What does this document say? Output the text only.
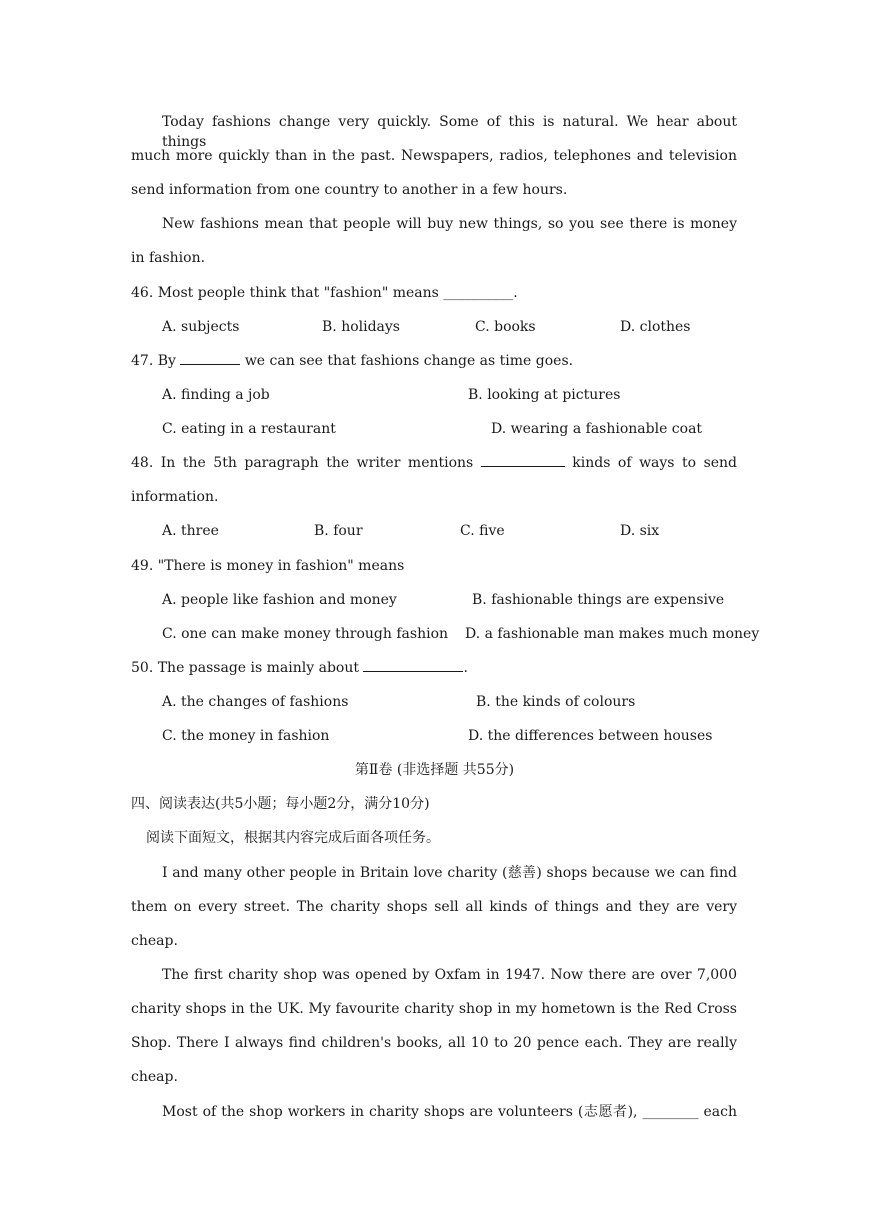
Today fashions change very quickly. Some of this is natural. We hear about things
much more quickly than in the past. Newspapers, radios, telephones and television
send information from one country to another in a few hours.
New fashions mean that people will buy new things, so you see there is money
in fashion.
46. Most people think that "fashion" means __________.
A. subjects	B. holidays	C. books	D. clothes
47. By	we can see that fashions change as time goes.
A. finding a job	B. looking at pictures
C. eating in a restaurant	D. wearing a fashionable coat
48. In the 5th paragraph the writer mentions	kinds of ways to send
information.
A. three	B. four	C. five	D. six
49. "There is money in fashion" means
A. people like fashion and money	B. fashionable things are expensive
C. one can make money through fashion D. a fashionable man makes much money
50. The passage is mainly about	.
A. the changes of fashions	B. the kinds of colours
C. the money in fashion	D. the differences between houses
第Ⅱ卷 (非选择题 共55分)
四、阅读表达(共5小题；每小题2分，满分10分)
阅读下面短文，根据其内容完成后面各项任务。
I and many other people in Britain love charity (慈善) shops because we can find
them on every street. The charity shops sell all kinds of things and they are very
cheap.
The first charity shop was opened by Oxfam in 1947. Now there are over 7,000
charity shops in the UK. My favourite charity shop in my hometown is the Red Cross
Shop. There I always find children's books, all 10 to 20 pence each. They are really
cheap.
Most of the shop workers in charity shops are volunteers (志愿者), ________ each
